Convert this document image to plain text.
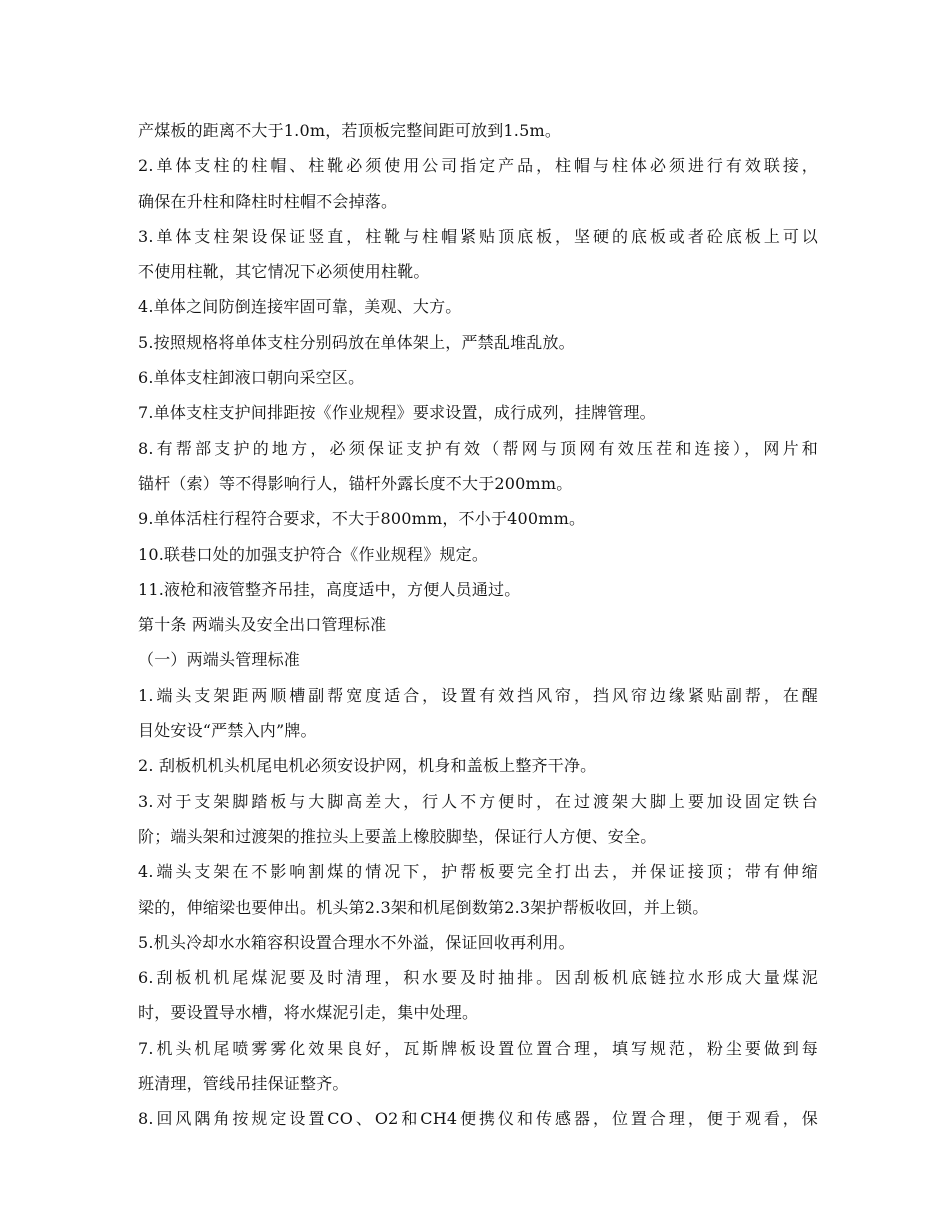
产煤板的距离不大于1.0m，若顶板完整间距可放到1.5m。
2.单体支柱的柱帽、柱靴必须使用公司指定产品，柱帽与柱体必须进行有效联接，
确保在升柱和降柱时柱帽不会掉落。
3.单体支柱架设保证竖直，柱靴与柱帽紧贴顶底板，坚硬的底板或者砼底板上可以
不使用柱靴，其它情况下必须使用柱靴。
4.单体之间防倒连接牢固可靠，美观、大方。
5.按照规格将单体支柱分别码放在单体架上，严禁乱堆乱放。
6.单体支柱卸液口朝向采空区。
7.单体支柱支护间排距按《作业规程》要求设置，成行成列，挂牌管理。
8.有帮部支护的地方，必须保证支护有效（帮网与顶网有效压茬和连接），网片和
锚杆（索）等不得影响行人，锚杆外露长度不大于200mm。
9.单体活柱行程符合要求，不大于800mm，不小于400mm。
10.联巷口处的加强支护符合《作业规程》规定。
11.液枪和液管整齐吊挂，高度适中，方便人员通过。
第十条 两端头及安全出口管理标准
（一）两端头管理标准
1.端头支架距两顺槽副帮宽度适合，设置有效挡风帘，挡风帘边缘紧贴副帮，在醒
目处安设“严禁入内”牌。
2. 刮板机机头机尾电机必须安设护网，机身和盖板上整齐干净。
3.对于支架脚踏板与大脚高差大，行人不方便时，在过渡架大脚上要加设固定铁台
阶；端头架和过渡架的推拉头上要盖上橡胶脚垫，保证行人方便、安全。
4.端头支架在不影响割煤的情况下，护帮板要完全打出去，并保证接顶；带有伸缩
梁的，伸缩梁也要伸出。机头第2.3架和机尾倒数第2.3架护帮板收回，并上锁。
5.机头冷却水水箱容积设置合理水不外溢，保证回收再利用。
6.刮板机机尾煤泥要及时清理，积水要及时抽排。因刮板机底链拉水形成大量煤泥
时，要设置导水槽，将水煤泥引走，集中处理。
7.机头机尾喷雾雾化效果良好，瓦斯牌板设置位置合理，填写规范，粉尘要做到每
班清理，管线吊挂保证整齐。
8.回风隅角按规定设置CO、O2和CH4便携仪和传感器，位置合理，便于观看，保
